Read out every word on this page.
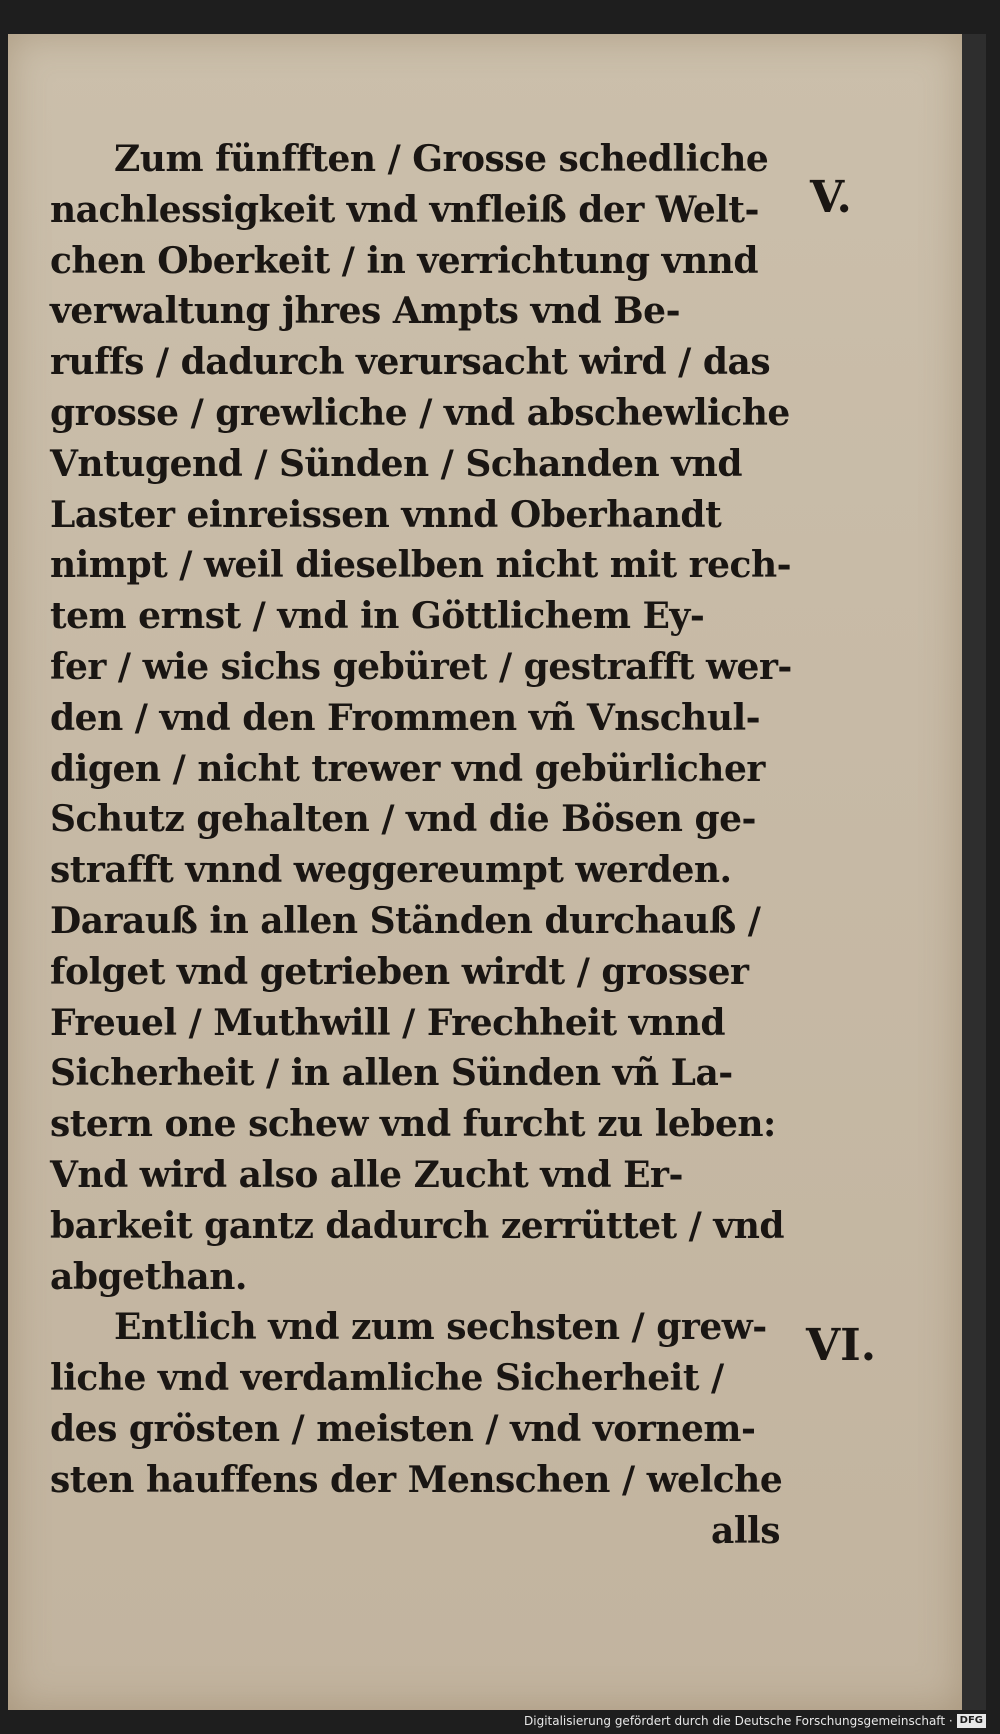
Zum fünfften / Grosse schedliche
nachlessigkeit vnd vnfleiß der Welt-
chen Oberkeit / in verrichtung vnnd
verwaltung jhres Ampts vnd Be-
ruffs / dadurch verursacht wird / das
grosse / grewliche / vnd abschewliche
Vntugend / Sünden / Schanden vnd
Laster einreissen vnnd Oberhandt
nimpt / weil dieselben nicht mit rech-
tem ernst / vnd in Göttlichem Ey-
fer / wie sichs gebüret / gestrafft wer-
den / vnd den Frommen vñ Vnschul-
digen / nicht trewer vnd gebürlicher
Schutz gehalten / vnd die Bösen ge-
strafft vnnd weggereumpt werden.
Darauß in allen Ständen durchauß /
folget vnd getrieben wirdt / grosser
Freuel / Muthwill / Frechheit vnnd
Sicherheit / in allen Sünden vñ La-
stern one schew vnd furcht zu leben:
Vnd wird also alle Zucht vnd Er-
barkeit gantz dadurch zerrüttet / vnd
abgethan.
Entlich vnd zum sechsten / grew-
liche vnd verdamliche Sicherheit /
des grösten / meisten / vnd vornem-
sten hauffens der Menschen / welche
alls
V.
VI.
Digitalisierung gefördert durch die Deutsche Forschungsgemeinschaft · DFG
